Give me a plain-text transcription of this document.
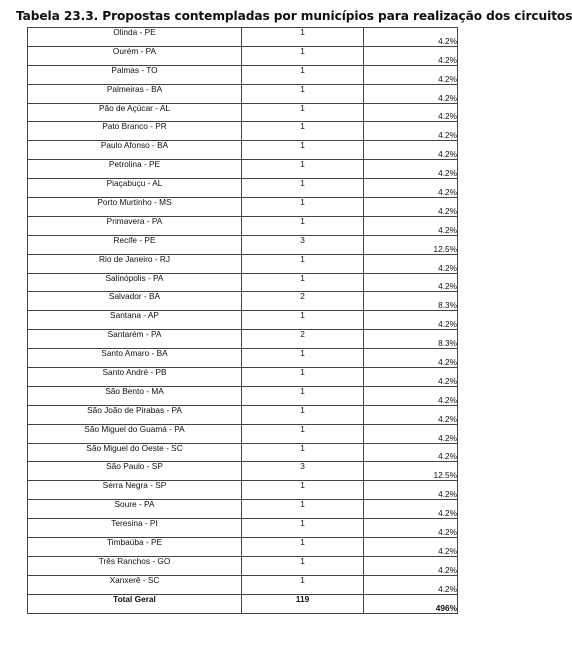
Tabela 23.3. Propostas contempladas por municípios para realização dos circuitos
Olinda - PE	1	4.2%
Ourém - PA	1	4.2%
Palmas - TO	1	4.2%
Palmeiras - BA	1	4.2%
Pão de Açúcar - AL	1	4.2%
Pato Branco - PR	1	4.2%
Paulo Afonso - BA	1	4.2%
Petrolina - PE	1	4.2%
Piaçabuçu - AL	1	4.2%
Porto Murtinho - MS	1	4.2%
Primavera - PA	1	4.2%
Recife - PE	3	12.5%
Rio de Janeiro - RJ	1	4.2%
Salinópolis - PA	1	4.2%
Salvador - BA	2	8.3%
Santana - AP	1	4.2%
Santarém - PA	2	8.3%
Santo Amaro - BA	1	4.2%
Santo André - PB	1	4.2%
São Bento - MA	1	4.2%
São João de Pirabas - PA	1	4.2%
São Miguel do Guamá - PA	1	4.2%
São Miguel do Oeste - SC	1	4.2%
São Paulo - SP	3	12.5%
Serra Negra - SP	1	4.2%
Soure - PA	1	4.2%
Teresina - PI	1	4.2%
Timbaúba - PE	1	4.2%
Três Ranchos - GO	1	4.2%
Xanxerê - SC	1	4.2%
Total Geral	119	496%
